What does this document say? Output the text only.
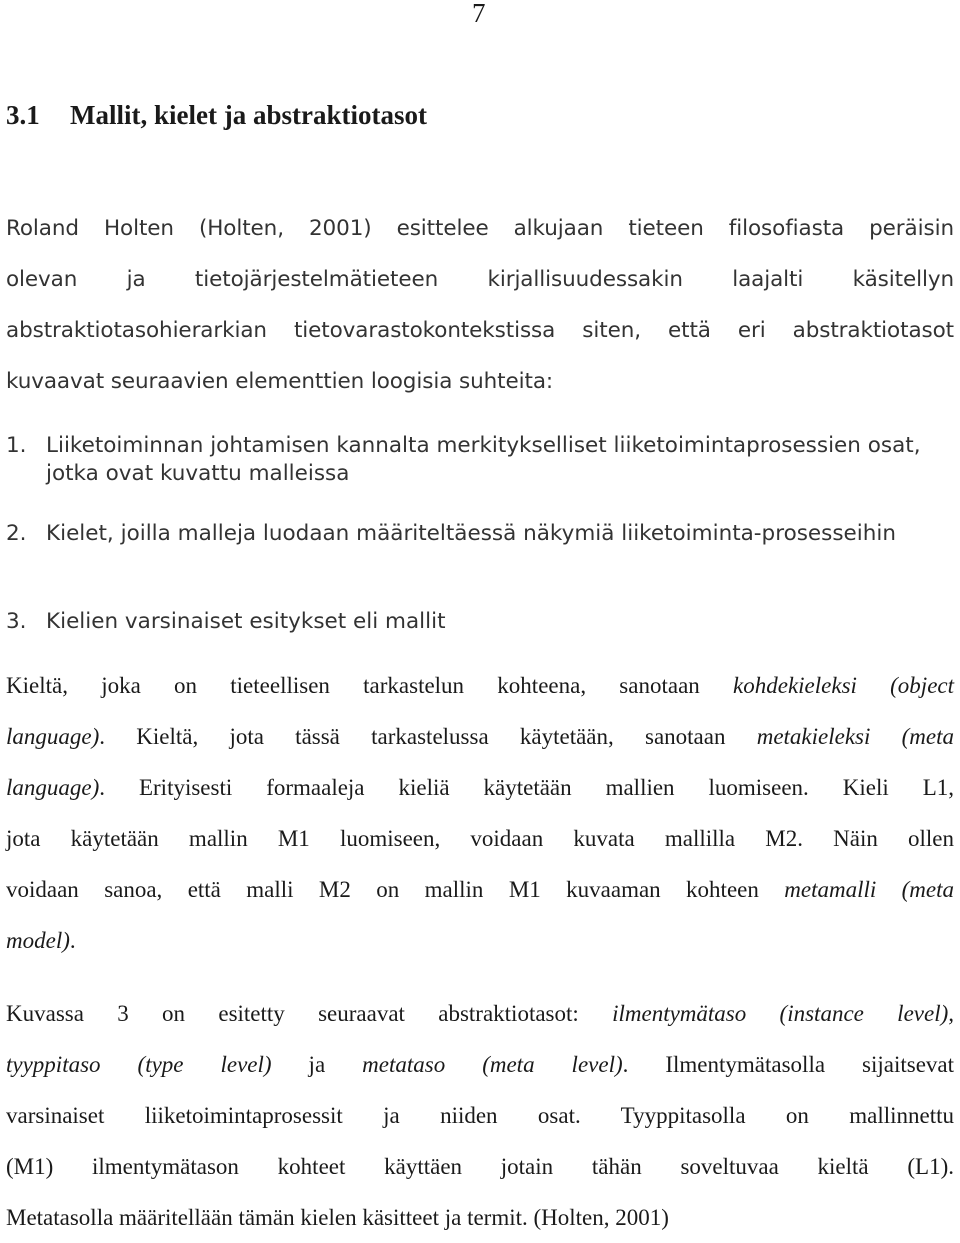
7
3.1	Mallit, kielet ja abstraktiotasot
Roland Holten (Holten, 2001) esittelee alkujaan tieteen filosofiasta peräisin
olevan ja tietojärjestelmätieteen kirjallisuudessakin laajalti käsitellyn
abstraktiotasohierarkian tietovarastokontekstissa siten, että eri abstraktiotasot
kuvaavat seuraavien elementtien loogisia suhteita:
1. Liiketoiminnan johtamisen kannalta merkitykselliset liiketoimintaprosessien osat, jotka ovat kuvattu malleissa
2. Kielet, joilla malleja luodaan määriteltäessä näkymiä liiketoiminta-prosesseihin
3. Kielien varsinaiset esitykset eli mallit
Kieltä, joka on tieteellisen tarkastelun kohteena, sanotaan kohdekieleksi (object
language). Kieltä, jota tässä tarkastelussa käytetään, sanotaan metakieleksi (meta
language). Erityisesti formaaleja kieliä käytetään mallien luomiseen. Kieli L1,
jota käytetään mallin M1 luomiseen, voidaan kuvata mallilla M2. Näin ollen
voidaan sanoa, että malli M2 on mallin M1 kuvaaman kohteen metamalli (meta
model).
Kuvassa 3 on esitetty seuraavat abstraktiotasot: ilmentymätaso (instance level),
tyyppitaso (type level) ja metataso (meta level). Ilmentymätasolla sijaitsevat
varsinaiset liiketoimintaprosessit ja niiden osat. Tyyppitasolla on mallinnettu
(M1) ilmentymätason kohteet käyttäen jotain tähän soveltuvaa kieltä (L1).
Metatasolla määritellään tämän kielen käsitteet ja termit. (Holten, 2001)
